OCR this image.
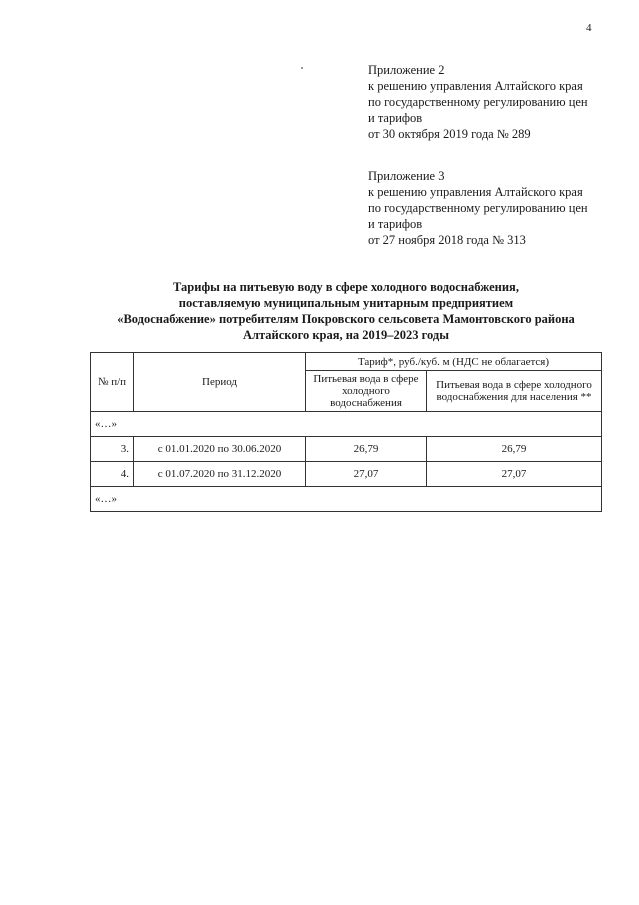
4
Приложение 2
к решению управления Алтайского края
по государственному регулированию цен
и тарифов
от 30 октября 2019 года № 289
Приложение 3
к решению управления Алтайского края
по государственному регулированию цен
и тарифов
от 27 ноября 2018 года № 313
Тарифы на питьевую воду в сфере холодного водоснабжения,
поставляемую муниципальным унитарным предприятием
«Водоснабжение» потребителям Покровского сельсовета Мамонтовского района
Алтайского края, на 2019–2023 годы
№ п/п	Период	Тариф*, руб./куб. м (НДС не облагается)	
		Питьевая вода в сфере холодного водоснабжения	Питьевая вода в сфере холодного водоснабжения для населения **
«…»			
3.	с 01.01.2020 по 30.06.2020	26,79	26,79
4.	с 01.07.2020 по 31.12.2020	27,07	27,07
«…»			
